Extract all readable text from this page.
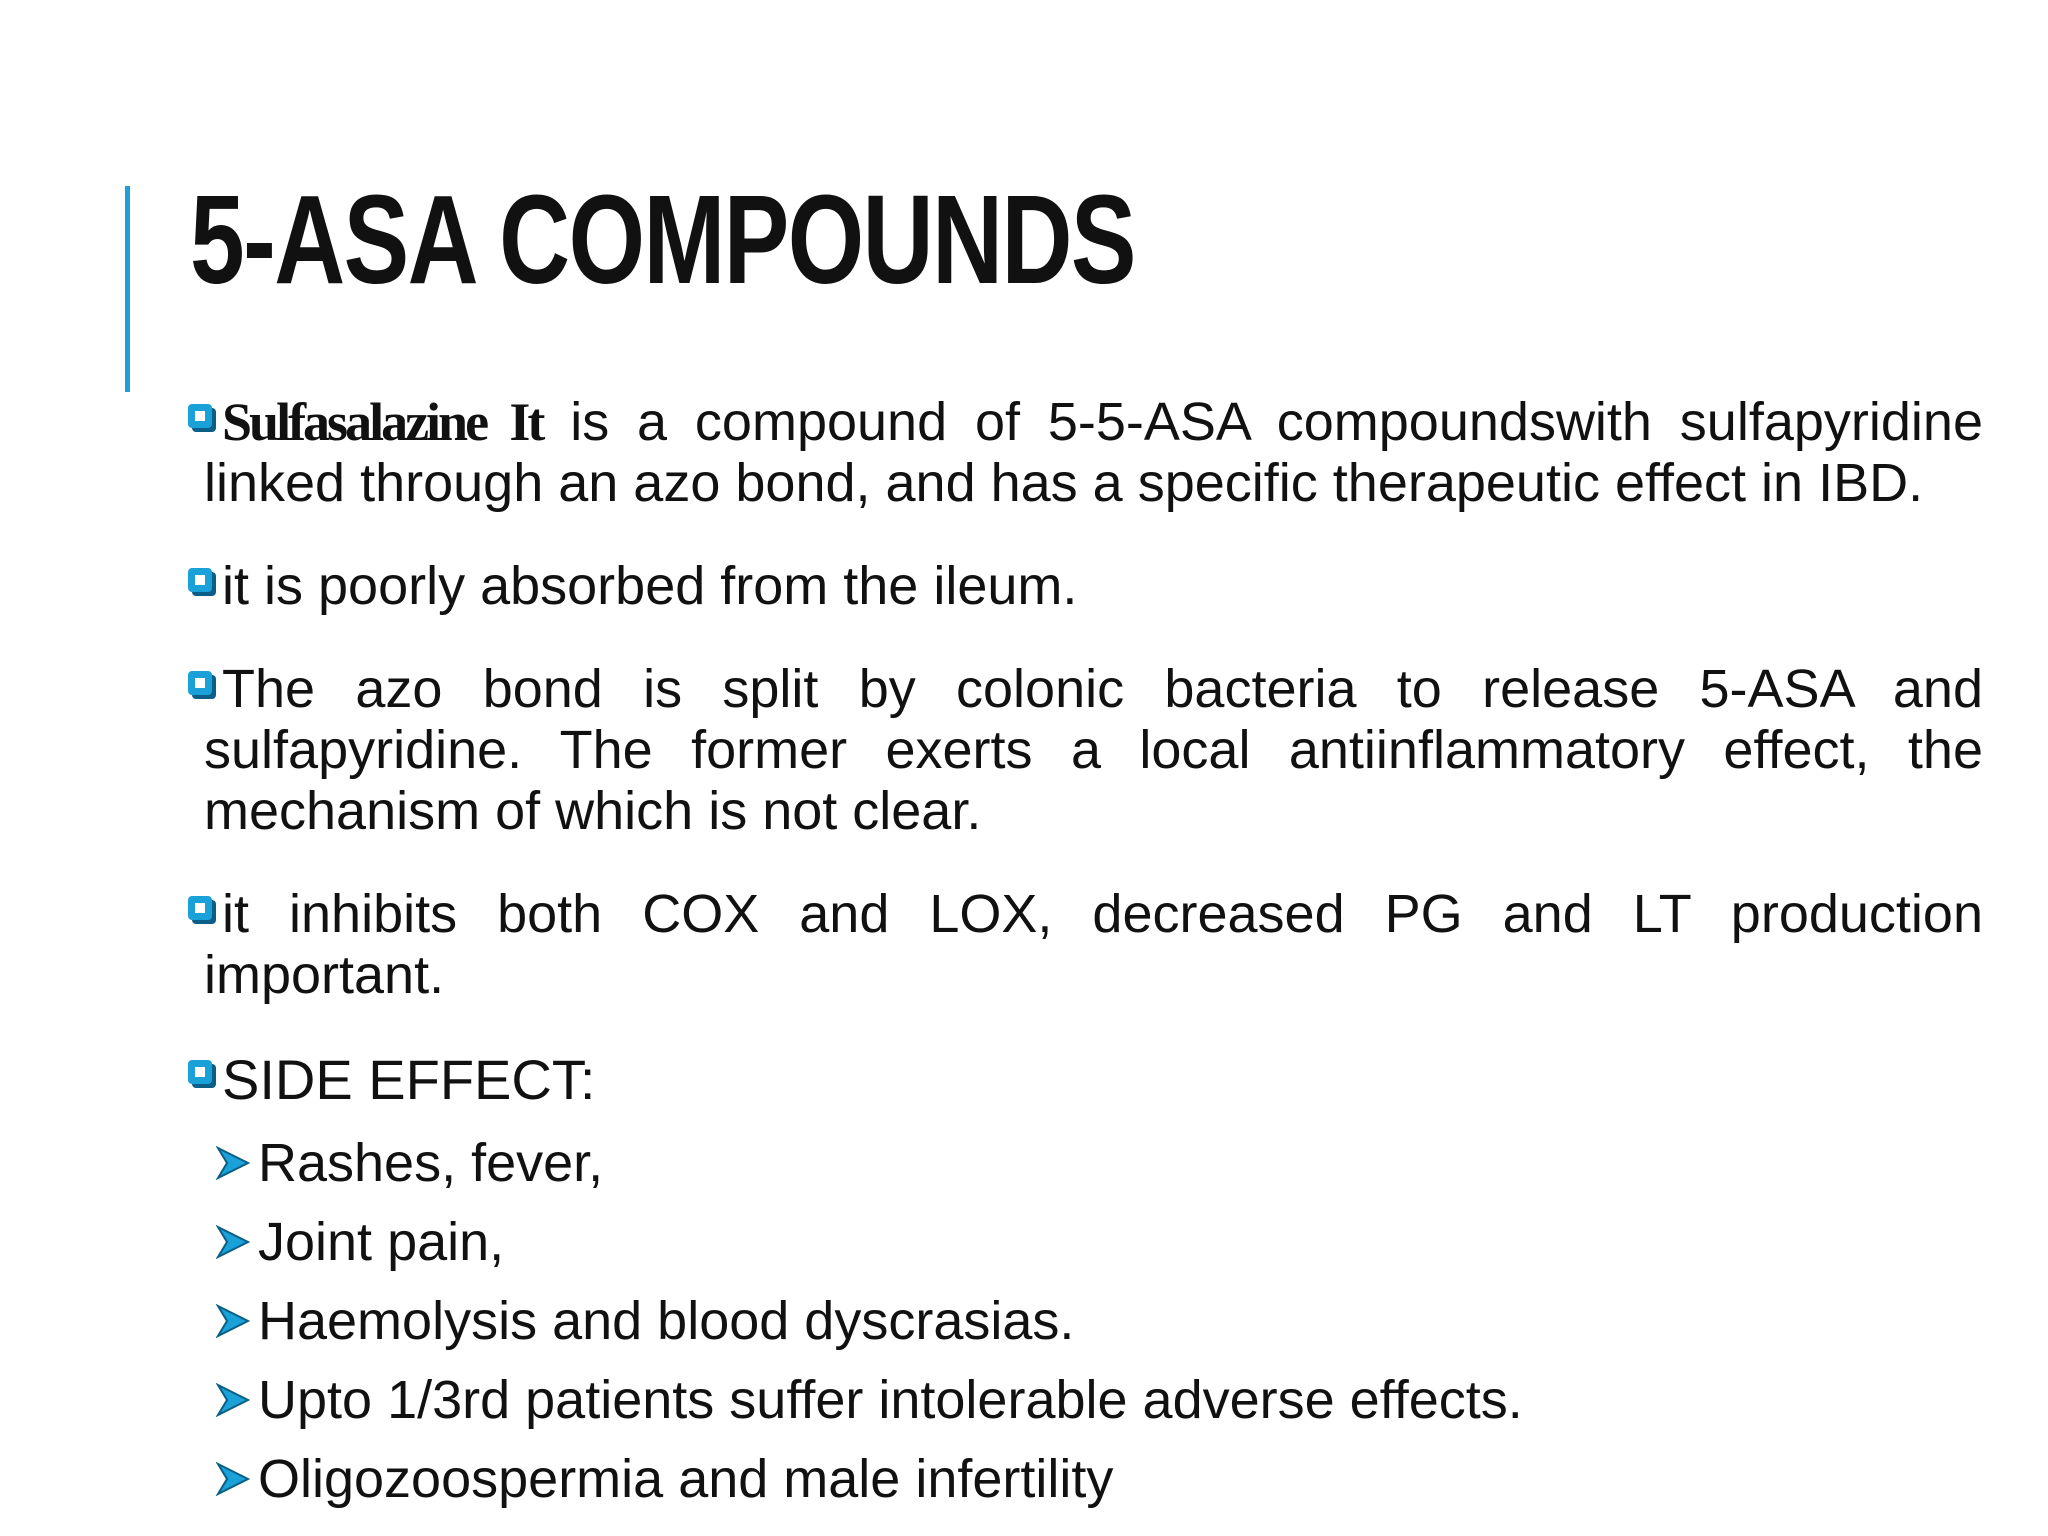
5-ASA COMPOUNDS

Sulfasalazine It is a compound of 5-5-ASA compoundswith sulfapyridine linked through an azo bond, and has a specific therapeutic effect in IBD.

it is poorly absorbed from the ileum.

The azo bond is split by colonic bacteria to release 5-ASA and sulfapyridine. The former exerts a local antiinflammatory effect, the mechanism of which is not clear.

it inhibits both COX and LOX, decreased PG and LT production important.

SIDE EFFECT:
Rashes, fever,
Joint pain,
Haemolysis and blood dyscrasias.
Upto 1/3rd patients suffer intolerable adverse effects.
Oligozoospermia and male infertility
